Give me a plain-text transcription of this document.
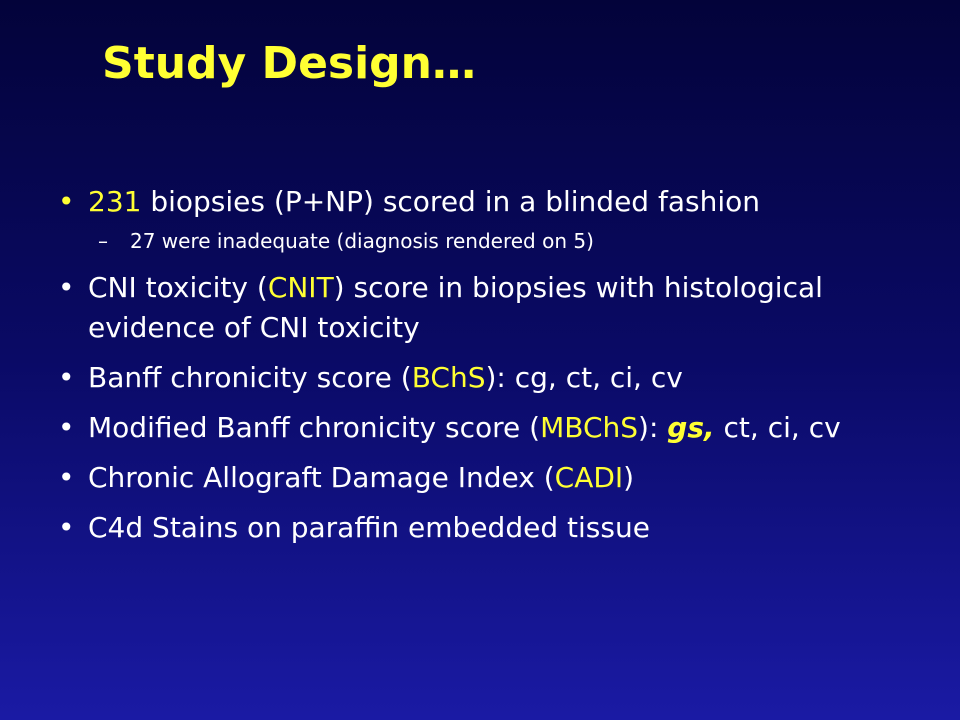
Study Design…
• 231 biopsies (P+NP) scored in a blinded fashion
–	27 were inadequate (diagnosis rendered on 5)
• CNI toxicity (CNIT) score in biopsies with histological evidence of CNI toxicity
• Banff chronicity score (BChS): cg, ct, ci, cv
• Modified Banff chronicity score (MBChS): gs, ct, ci, cv
• Chronic Allograft Damage Index (CADI)
• C4d Stains on paraffin embedded tissue
